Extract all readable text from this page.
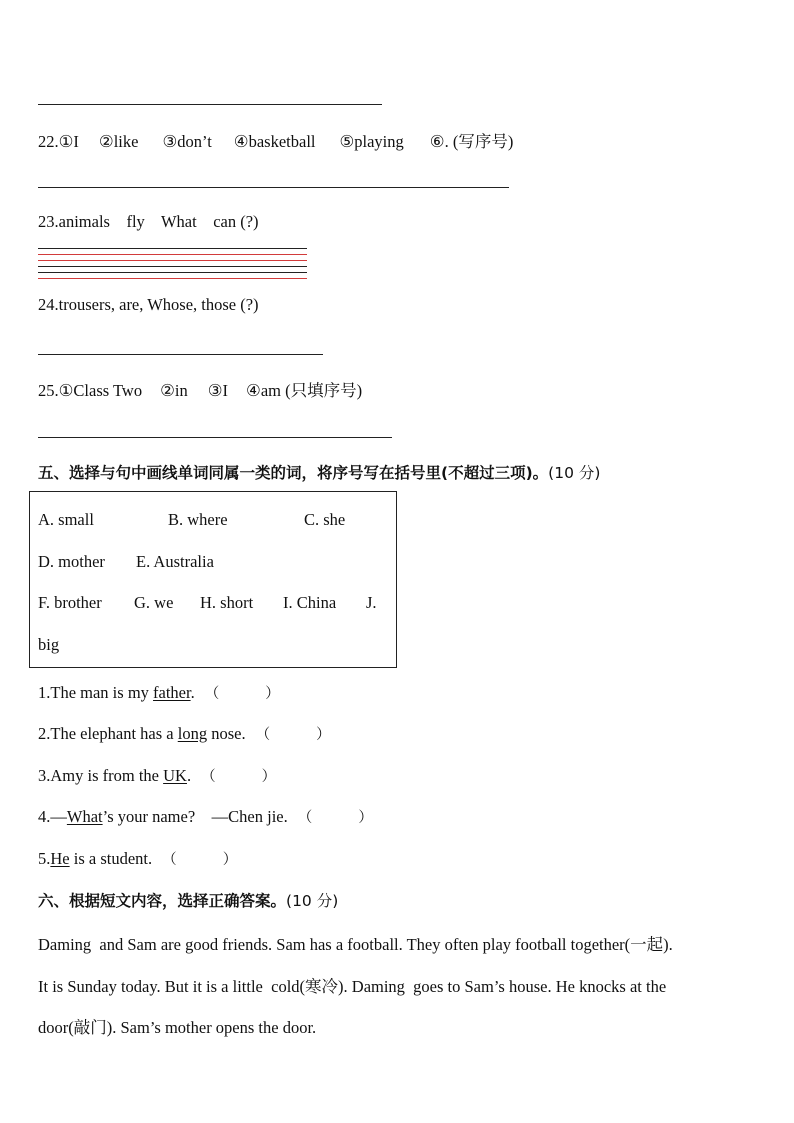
22.①I ②like ③don’t ④basketball ⑤playing ⑥. (写序号)
23.animals    fly    What    can (?)
24.trousers, are, Whose, those (?)
25.①Class Two ②in ③I ④am (只填序号)
五、选择与句中画线单词同属一类的词，将序号写在括号里(不超过三项)。(10 分)
A. small	B. where	C. she
D. mother E. Australia
F. brother G. we H. short I. China J.
big
1.The man is my father. （          ）
2.The elephant has a long nose. （          ）
3.Amy is from the UK. （          ）
4.—What’s your name?    —Chen jie. （          ）
5.He is a student. （          ）
六、根据短文内容，选择正确答案。(10 分)
Daming  and Sam are good friends. Sam has a football. They often play football together(一起).
It is Sunday today. But it is a little  cold(寒冷). Daming  goes to Sam’s house. He knocks at the
door(敲门). Sam’s mother opens the door.
